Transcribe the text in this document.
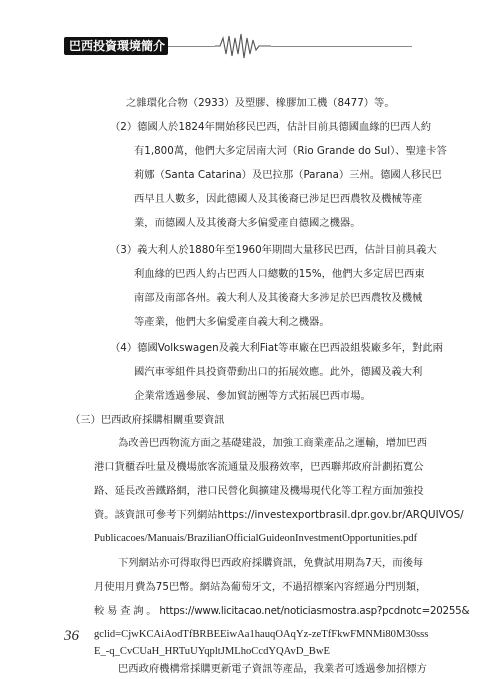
巴西投資環境簡介
之雜環化合物（2933）及塑膠、橡膠加工機（8477）等。
（2）德國人於1824年開始移民巴西，估計目前具德國血緣的巴西人約
有1,800萬，他們大多定居南大河（Rio Grande do Sul）、聖達卡答
莉娜（Santa Catarina）及巴拉那（Parana）三州。德國人移民巴
西早且人數多，因此德國人及其後裔已涉足巴西農牧及機械等產
業，而德國人及其後裔大多偏愛產自德國之機器。
（3）義大利人於1880年至1960年期間大量移民巴西，估計目前具義大
利血緣的巴西人約占巴西人口總數的15%，他們大多定居巴西東
南部及南部各州。義大利人及其後裔大多涉足於巴西農牧及機械
等產業，他們大多偏愛產自義大利之機器。
（4）德國Volkswagen及義大利Fiat等車廠在巴西設組裝廠多年，對此兩
國汽車零組件具投資帶動出口的拓展效應。此外，德國及義大利
企業常透過參展、參加貿訪團等方式拓展巴西市場。
（三）巴西政府採購相關重要資訊
為改善巴西物流方面之基礎建設，加強工商業產品之運輸，增加巴西
港口貨櫃吞吐量及機場旅客流通量及服務效率，巴西聯邦政府計劃拓寬公
路、延長改善鐵路網，港口民營化與擴建及機場現代化等工程方面加強投
資。該資訊可參考下列網站https://investexportbrasil.dpr.gov.br/ARQUIVOS/
Publicacoes/Manuais/BrazilianOfficialGuideonInvestmentOpportunities.pdf
下列網站亦可得取得巴西政府採購資訊，免費試用期為7天，而後每
月使用月費為75巴幣。網站為葡萄牙文，不過招標案內容經過分門別類，
較 易 查 詢 。 https://www.licitacao.net/noticiasmostra.asp?pcdnotc=20255&
gclid=CjwKCAiAodTfBRBEEiwAa1hauqOAqYz-zeTfFkwFMNMi80M30sss
E_-q_CvCUaH_HRTuUYqpltJMLhoCcdYQAvD_BwE
巴西政府機構常採購更新電子資訊等產品，我業者可透過參加招標方
36
